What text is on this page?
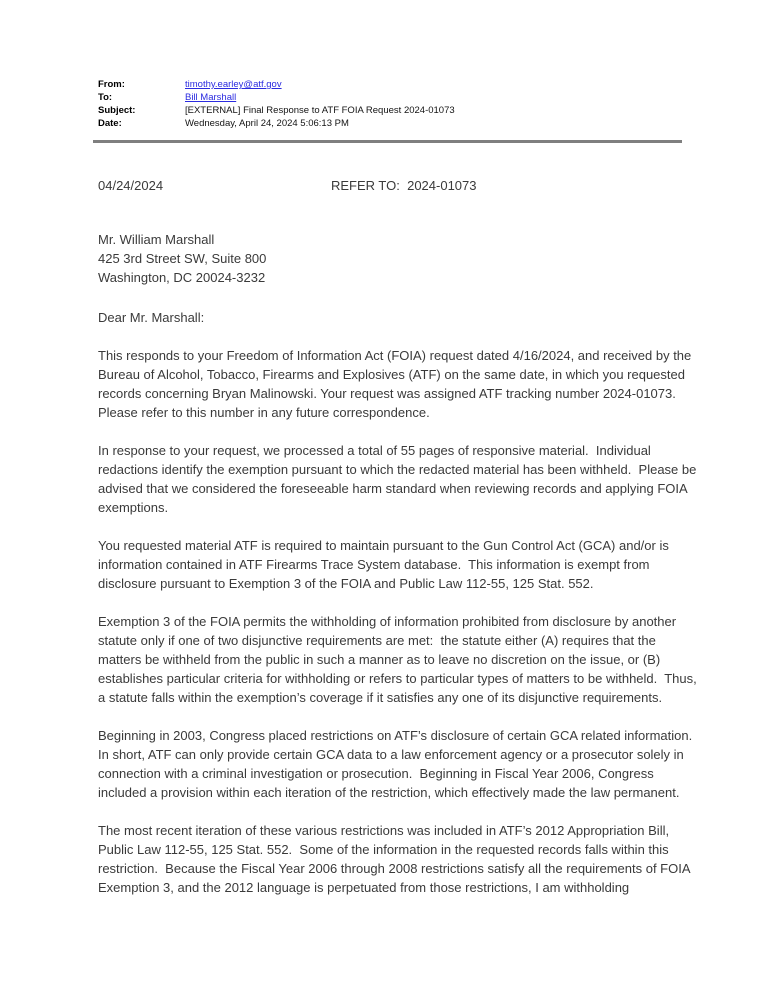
From:	timothy.earley@atf.gov
To:	Bill Marshall
Subject:	[EXTERNAL] Final Response to ATF FOIA Request 2024-01073
Date:	Wednesday, April 24, 2024 5:06:13 PM
04/24/2024	REFER TO:  2024-01073
Mr. William Marshall
425 3rd Street SW, Suite 800
Washington, DC 20024-3232

Dear Mr. Marshall:

This responds to your Freedom of Information Act (FOIA) request dated 4/16/2024, and received by the Bureau of Alcohol, Tobacco, Firearms and Explosives (ATF) on the same date, in which you requested records concerning Bryan Malinowski. Your request was assigned ATF tracking number 2024-01073.  Please refer to this number in any future correspondence.

In response to your request, we processed a total of 55 pages of responsive material.  Individual redactions identify the exemption pursuant to which the redacted material has been withheld.  Please be advised that we considered the foreseeable harm standard when reviewing records and applying FOIA exemptions.

You requested material ATF is required to maintain pursuant to the Gun Control Act (GCA) and/or is information contained in ATF Firearms Trace System database.  This information is exempt from disclosure pursuant to Exemption 3 of the FOIA and Public Law 112-55, 125 Stat. 552.

Exemption 3 of the FOIA permits the withholding of information prohibited from disclosure by another statute only if one of two disjunctive requirements are met:  the statute either (A) requires that the matters be withheld from the public in such a manner as to leave no discretion on the issue, or (B) establishes particular criteria for withholding or refers to particular types of matters to be withheld.  Thus, a statute falls within the exemption’s coverage if it satisfies any one of its disjunctive requirements.

Beginning in 2003, Congress placed restrictions on ATF’s disclosure of certain GCA related information.  In short, ATF can only provide certain GCA data to a law enforcement agency or a prosecutor solely in connection with a criminal investigation or prosecution.  Beginning in Fiscal Year 2006, Congress included a provision within each iteration of the restriction, which effectively made the law permanent.

The most recent iteration of these various restrictions was included in ATF’s 2012 Appropriation Bill, Public Law 112-55, 125 Stat. 552.  Some of the information in the requested records falls within this restriction.  Because the Fiscal Year 2006 through 2008 restrictions satisfy all the requirements of FOIA Exemption 3, and the 2012 language is perpetuated from those restrictions, I am withholding
